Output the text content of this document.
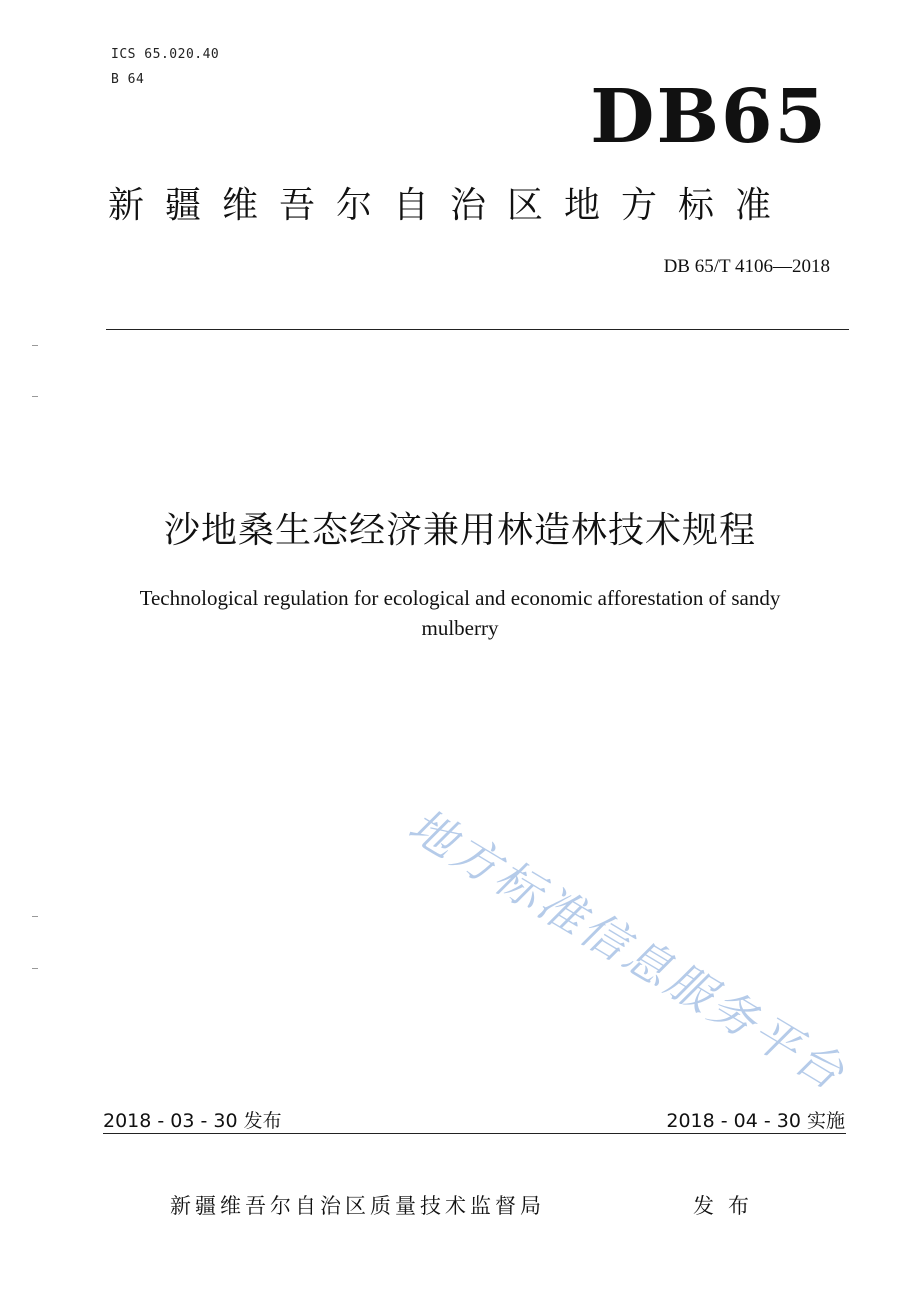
ICS 65.020.40
B 64	DB65
新疆维吾尔自治区地方标准
DB 65/T 4106—2018
沙地桑生态经济兼用林造林技术规程
Technological regulation for ecological and economic afforestation of sandy
mulberry
地方标准信息服务平台
2018 - 03 - 30 发布	2018 - 04 - 30 实施
新疆维吾尔自治区质量技术监督局	发布
